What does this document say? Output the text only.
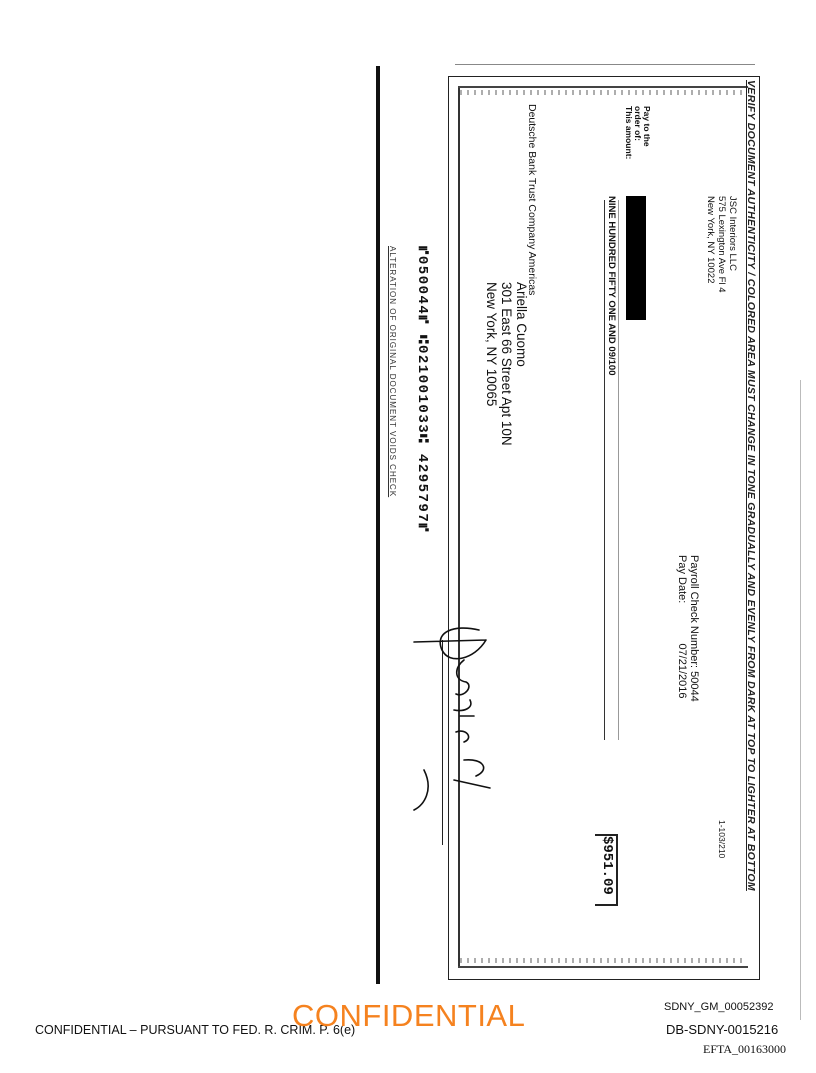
VERIFY DOCUMENT AUTHENTICITY / COLORED AREA MUST CHANGE IN TONE GRADUALLY AND EVENLY FROM DARK AT TOP TO LIGHTER AT BOTTOM
JSC Interiors LLC
575 Lexington Ave Fl 4
New York, NY 10022
1-103/210
Pay to the order of:
This amount:
NINE HUNDRED FIFTY ONE AND 09/100
Payroll Check Number: 50044
Pay Date:  07/21/2016
$951.09
Deutsche Bank Trust Company Americas
Ariella Cuomo
301 East 66 Street Apt 10N
New York, NY 10065
⑈050044⑈ ⑆021001033⑆ 4295797⑈
ALTERATION OF ORIGINAL DOCUMENT VOIDS CHECK
CONFIDENTIAL – PURSUANT TO FED. R. CRIM. P. 6(e)
CONFIDENTIAL	SDNY_GM_00052392
DB-SDNY-0015216
EFTA_00163000
